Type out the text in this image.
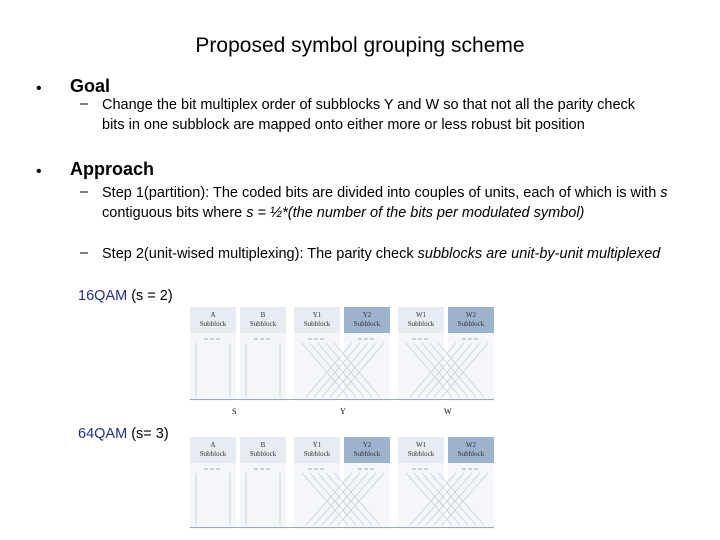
Proposed symbol grouping scheme
• Goal
– Change the bit multiplex order of subblocks Y and W so that not all the parity check bits in one subblock are mapped onto either more or less robust bit position
• Approach
– Step 1(partition): The coded bits are divided into couples of units, each of which is with s contiguous bits where s = ½*(the number of the bits per modulated symbol)
– Step 2(unit-wised multiplexing): The parity check subblocks are unit-by-unit multiplexed
16QAM (s = 2)
A
Subblock
B
Subblock
Y1
Subblock
Y2
Subblock
W1
Subblock
W2
Subblock
S	Y	W
64QAM (s= 3)
A
Subblock
B
Subblock
Y1
Subblock
Y2
Subblock
W1
Subblock
W2
Subblock
